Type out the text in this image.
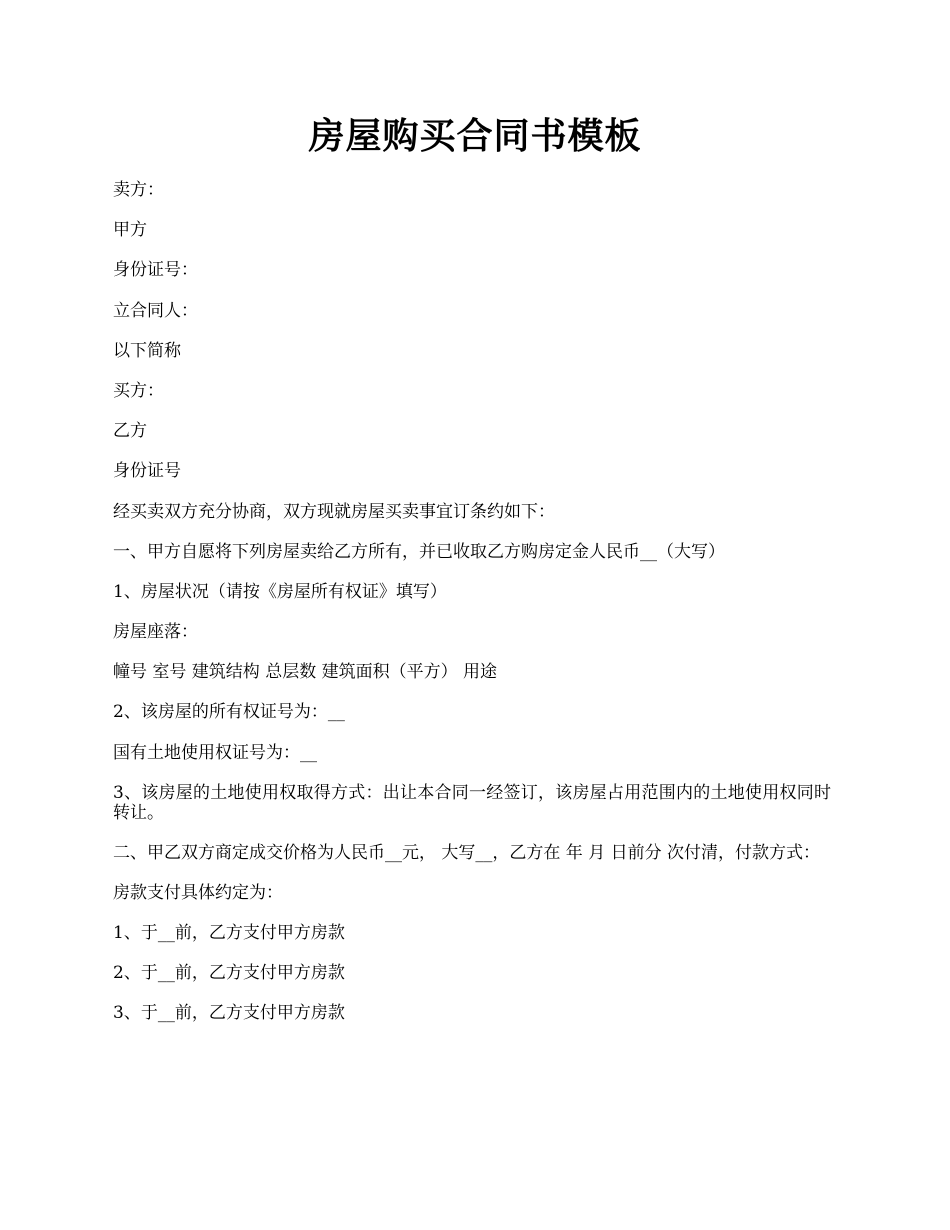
房屋购买合同书模板

卖方：

甲方

身份证号：

立合同人：

以下简称

买方：

乙方

身份证号

经买卖双方充分协商，双方现就房屋买卖事宜订条约如下：

一、甲方自愿将下列房屋卖给乙方所有，并已收取乙方购房定金人民币__（大写）

1、房屋状况（请按《房屋所有权证》填写）

房屋座落：

幢号 室号 建筑结构 总层数 建筑面积（平方） 用途

2、该房屋的所有权证号为：__

国有土地使用权证号为：__

3、该房屋的土地使用权取得方式：出让本合同一经签订，该房屋占用范围内的土地使用权同时转让。

二、甲乙双方商定成交价格为人民币__元， 大写__，乙方在 年 月 日前分 次付清，付款方式：

房款支付具体约定为：

1、于__前，乙方支付甲方房款

2、于__前，乙方支付甲方房款

3、于__前，乙方支付甲方房款
